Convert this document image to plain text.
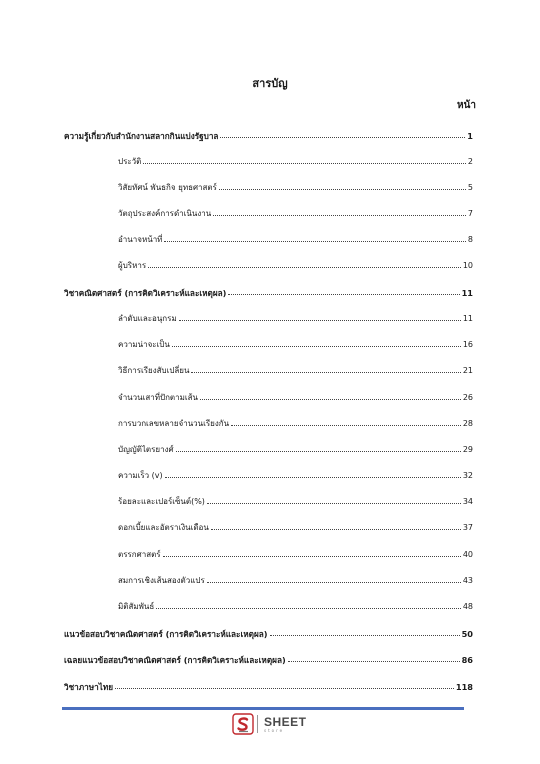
สารบัญ
หน้า
ความรู้เกี่ยวกับสำนักงานสลากกินแบ่งรัฐบาล	1
ประวัติ	2
วิสัยทัศน์ พันธกิจ ยุทธศาสตร์	5
วัตถุประสงค์การดำเนินงาน	7
อำนาจหน้าที่	8
ผู้บริหาร	10
วิชาคณิตศาสตร์ (การคิดวิเคราะห์และเหตุผล)	11
ลำดับและอนุกรม	11
ความน่าจะเป็น	16
วิธีการเรียงสับเปลี่ยน	21
จำนวนเสาที่ปักตามเส้น	26
การบวกเลขหลายจำนวนเรียงกัน	28
บัญญัติไตรยางศ์	29
ความเร็ว (v)	32
ร้อยละและเปอร์เซ็นต์(%)	34
ดอกเบี้ยและอัตราเงินเดือน	37
ตรรกศาสตร์	40
สมการเชิงเส้นสองตัวแปร	43
มิติสัมพันธ์	48
แนวข้อสอบวิชาคณิตศาสตร์ (การคิดวิเคราะห์และเหตุผล)	50
เฉลยแนวข้อสอบวิชาคณิตศาสตร์ (การคิดวิเคราะห์และเหตุผล)	86
วิชาภาษาไทย	118
SHEET
store
